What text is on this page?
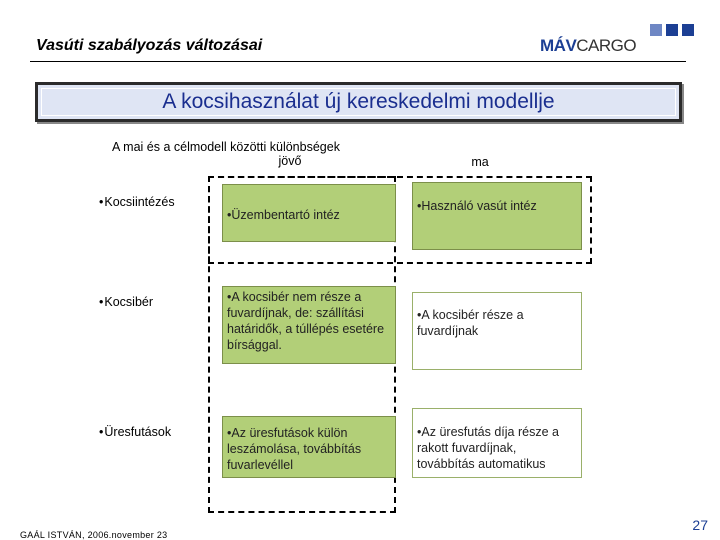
Vasúti szabályozás változásai	MÁVCARGO
A kocsihasználat új kereskedelmi modellje
A mai és a célmodell közötti különbségek
jövő	ma
• Kocsiintézés
• Kocsibér
• Üresfutások
• Üzembentartó intéz
• Használó vasút intéz
• A kocsibér nem része a fuvardíjnak, de: szállítási határidők, a túllépés esetére bírsággal.
• A kocsibér része a fuvardíjnak
• Az üresfutások külön leszámolása, továbbítás fuvarlevéllel
• Az üresfutás díja része a rakott fuvardíjnak, továbbítás automatikus
GAÁL ISTVÁN, 2006.november 23
27
